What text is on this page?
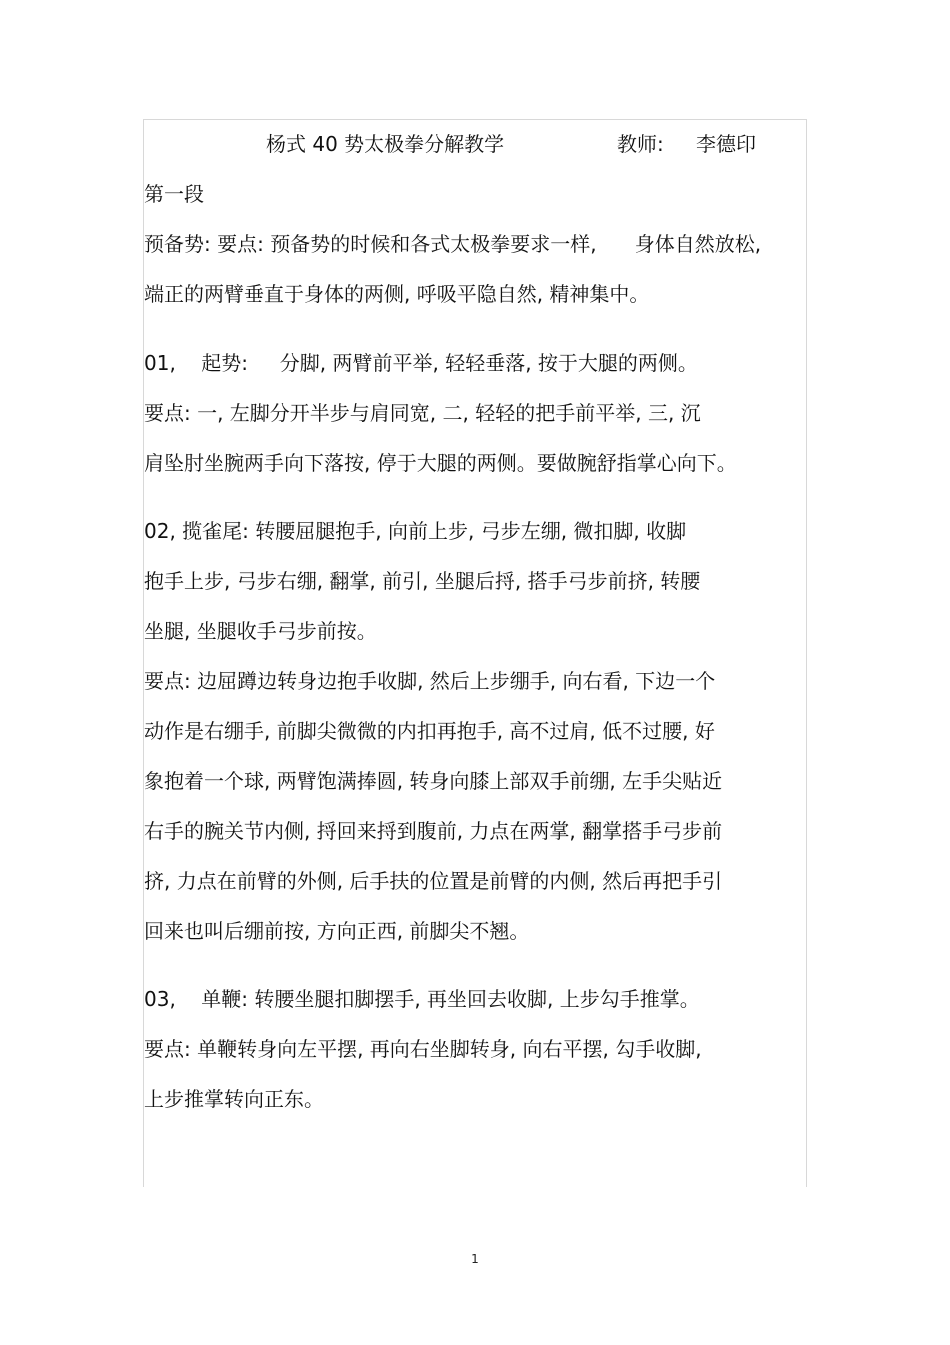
杨式 40 势太极拳分解教学	教师: 李德印
第一段
预备势: 要点: 预备势的时候和各式太极拳要求一样,      身体自然放松,
端正的两臂垂直于身体的两侧, 呼吸平隐自然, 精神集中。
01,    起势:     分脚, 两臂前平举, 轻轻垂落, 按于大腿的两侧。
要点: 一, 左脚分开半步与肩同宽, 二, 轻轻的把手前平举, 三, 沉
肩坠肘坐腕两手向下落按, 停于大腿的两侧。要做腕舒指掌心向下。
02, 揽雀尾: 转腰屈腿抱手, 向前上步, 弓步左绷, 微扣脚, 收脚
抱手上步, 弓步右绷, 翻掌, 前引, 坐腿后捋, 搭手弓步前挤, 转腰
坐腿, 坐腿收手弓步前按。
要点: 边屈蹲边转身边抱手收脚, 然后上步绷手, 向右看, 下边一个
动作是右绷手, 前脚尖微微的内扣再抱手, 高不过肩, 低不过腰, 好
象抱着一个球, 两臂饱满捧圆, 转身向膝上部双手前绷, 左手尖贴近
右手的腕关节内侧, 捋回来捋到腹前, 力点在两掌, 翻掌搭手弓步前
挤, 力点在前臂的外侧, 后手扶的位置是前臂的内侧, 然后再把手引
回来也叫后绷前按, 方向正西, 前脚尖不翘。
03,    单鞭: 转腰坐腿扣脚摆手, 再坐回去收脚, 上步勾手推掌。
要点: 单鞭转身向左平摆, 再向右坐脚转身, 向右平摆, 勾手收脚,
上步推掌转向正东。
1
